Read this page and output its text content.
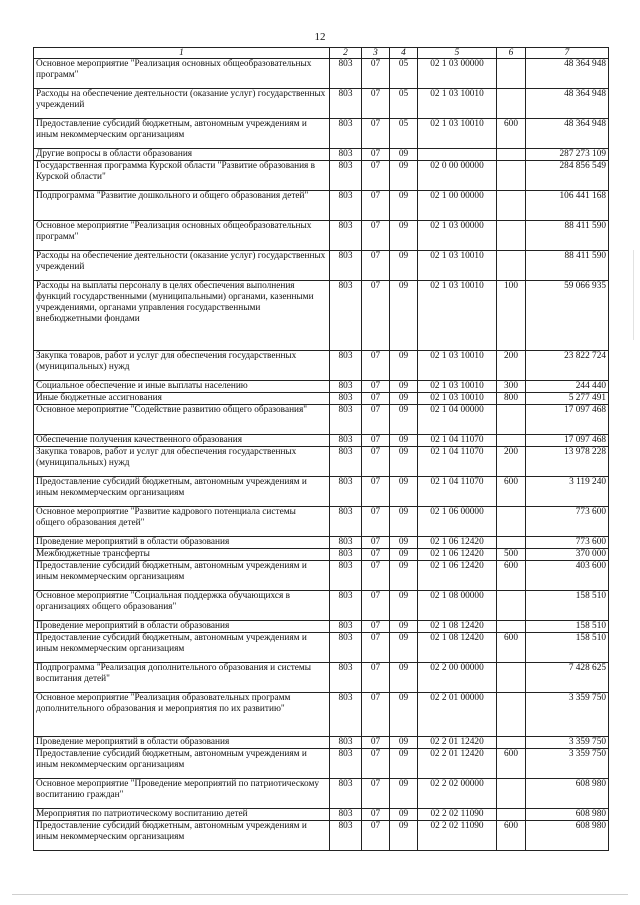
12
1	2	3	4	5	6	7
Основное мероприятие "Реализация основных общеобразовательных программ"	803	07	05	02 1 03 00000		48 364 948
Расходы на обеспечение деятельности (оказание услуг) государственных учреждений	803	07	05	02 1 03 10010		48 364 948
Предоставление субсидий бюджетным, автономным учреждениям и иным некоммерческим организациям	803	07	05	02 1 03 10010	600	48 364 948
Другие вопросы в области образования	803	07	09			287 273 109
Государственная программа Курской области "Развитие образования в Курской области"	803	07	09	02 0 00 00000		284 856 549
Подпрограмма "Развитие дошкольного и общего образования детей"	803	07	09	02 1 00 00000		106 441 168
Основное мероприятие "Реализация основных общеобразовательных программ"	803	07	09	02 1 03 00000		88 411 590
Расходы на обеспечение деятельности (оказание услуг) государственных учреждений	803	07	09	02 1 03 10010		88 411 590
Расходы на выплаты персоналу в целях обеспечения выполнения функций государственными (муниципальными) органами, казенными учреждениями, органами управления государственными внебюджетными фондами	803	07	09	02 1 03 10010	100	59 066 935
Закупка товаров, работ и услуг для обеспечения государственных (муниципальных) нужд	803	07	09	02 1 03 10010	200	23 822 724
Социальное обеспечение и иные выплаты населению	803	07	09	02 1 03 10010	300	244 440
Иные бюджетные ассигнования	803	07	09	02 1 03 10010	800	5 277 491
Основное мероприятие "Содействие развитию общего образования"	803	07	09	02 1 04 00000		17 097 468
Обеспечение получения качественного образования	803	07	09	02 1 04 11070		17 097 468
Закупка товаров, работ и услуг для обеспечения государственных (муниципальных) нужд	803	07	09	02 1 04 11070	200	13 978 228
Предоставление субсидий бюджетным, автономным учреждениям и иным некоммерческим организациям	803	07	09	02 1 04 11070	600	3 119 240
Основное мероприятие "Развитие кадрового потенциала системы общего образования детей"	803	07	09	02 1 06 00000		773 600
Проведение мероприятий в области образования	803	07	09	02 1 06 12420		773 600
Межбюджетные трансферты	803	07	09	02 1 06 12420	500	370 000
Предоставление субсидий бюджетным, автономным учреждениям и иным некоммерческим организациям	803	07	09	02 1 06 12420	600	403 600
Основное мероприятие "Социальная поддержка обучающихся в организациях общего образования"	803	07	09	02 1 08 00000		158 510
Проведение мероприятий в области образования	803	07	09	02 1 08 12420		158 510
Предоставление субсидий бюджетным, автономным учреждениям и иным некоммерческим организациям	803	07	09	02 1 08 12420	600	158 510
Подпрограмма "Реализация дополнительного образования и системы воспитания детей"	803	07	09	02 2 00 00000		7 428 625
Основное мероприятие "Реализация образовательных программ дополнительного образования и мероприятия по их развитию"	803	07	09	02 2 01 00000		3 359 750
Проведение мероприятий в области образования	803	07	09	02 2 01 12420		3 359 750
Предоставление субсидий бюджетным, автономным учреждениям и иным некоммерческим организациям	803	07	09	02 2 01 12420	600	3 359 750
Основное мероприятие "Проведение мероприятий по патриотическому воспитанию граждан"	803	07	09	02 2 02 00000		608 980
Мероприятия по патриотическому воспитанию детей	803	07	09	02 2 02 11090		608 980
Предоставление субсидий бюджетным, автономным учреждениям и иным некоммерческим организациям	803	07	09	02 2 02 11090	600	608 980
